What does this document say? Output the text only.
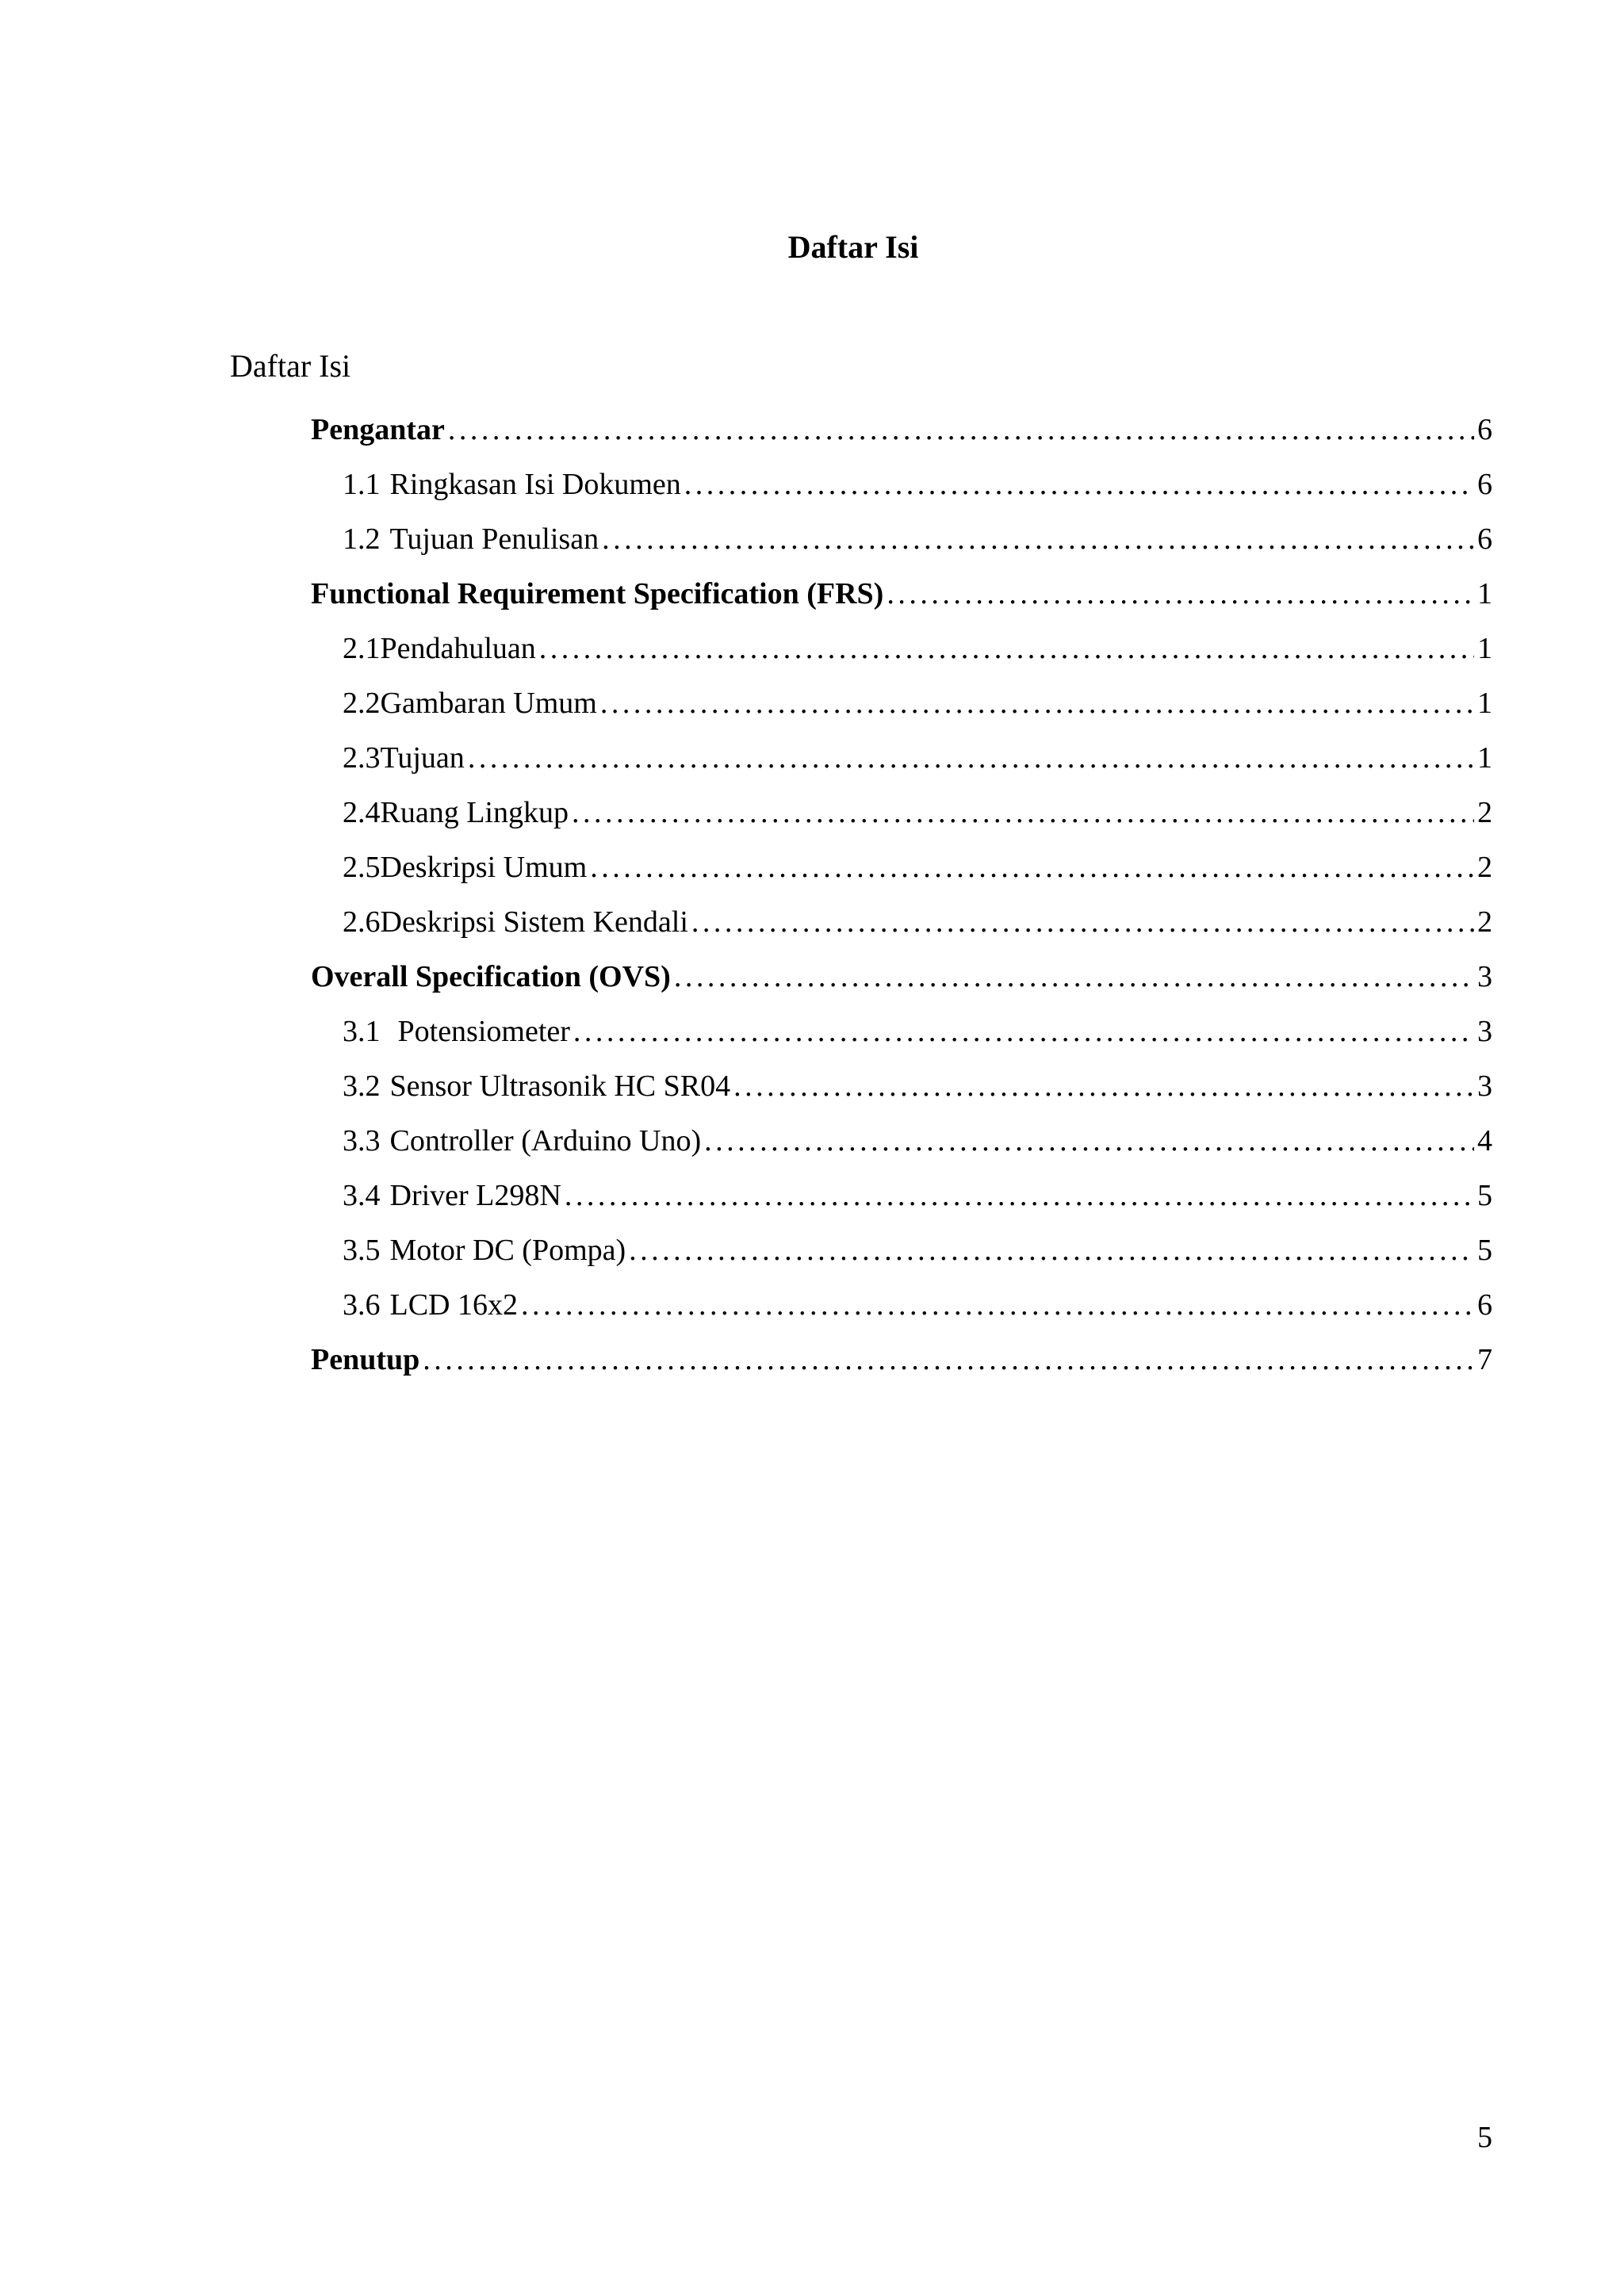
Daftar Isi

Daftar Isi

Pengantar . . .	6
1.1 Ringkasan Isi Dokumen . . .	6
1.2 Tujuan Penulisan . . .	6
Functional Requirement Specification (FRS) . . .	1
2.1 Pendahuluan . . .	1
2.2 Gambaran Umum . . .	1
2.3 Tujuan . . .	1
2.4 Ruang Lingkup . . .	2
2.5 Deskripsi Umum . . .	2
2.6 Deskripsi Sistem Kendali . . .	2
Overall Specification (OVS) . . .	3
3.1 Potensiometer . . .	3
3.2 Sensor Ultrasonik HC SR04 . . .	3
3.3 Controller (Arduino Uno) . . .	4
3.4 Driver L298N . . .	5
3.5 Motor DC (Pompa) . . .	5
3.6 LCD 16x2 . . .	6
Penutup . . .	7

5
